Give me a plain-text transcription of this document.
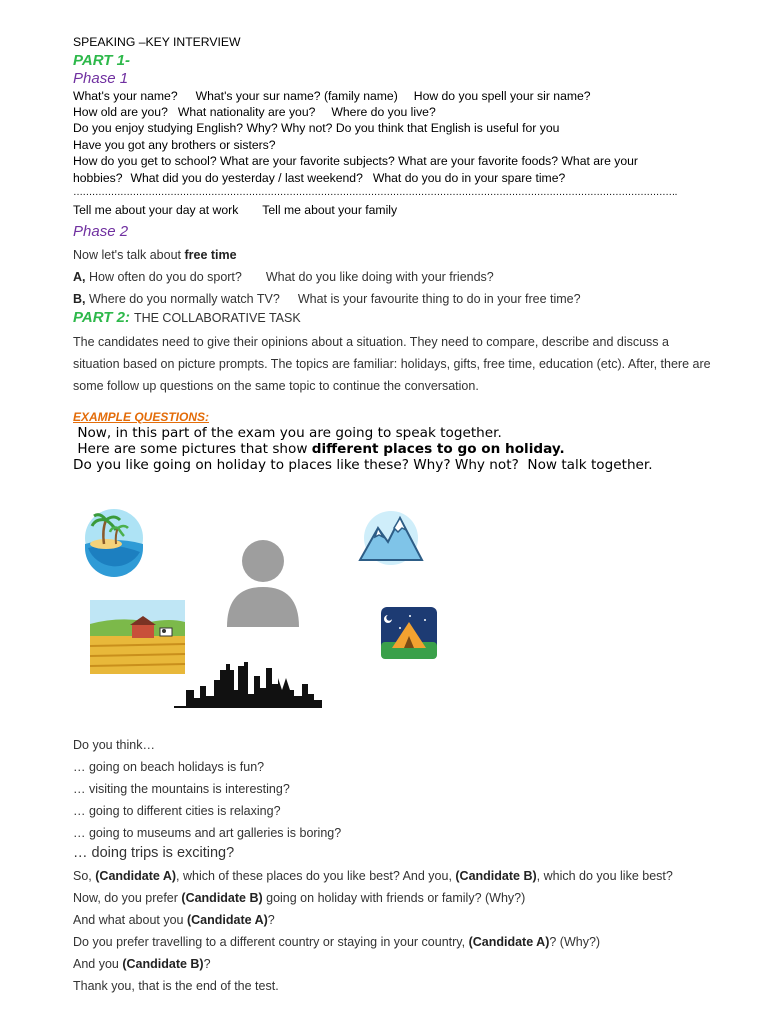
SPEAKING –KEY INTERVIEW
PART 1-
Phase 1
What's your name? What's your sur name? (family name) How do you spell your sir name?
How old are you? What nationality are you? Where do you live?
Do you enjoy studying English? Why? Why not? Do you think that English is useful for you
Have you got any brothers or sisters?
How do you get to school? What are your favorite subjects? What are your favorite foods? What are your
hobbies? What did you do yesterday / last weekend? What do you do in your spare time?
………………………………………………………………………………………………………………………………………………………………………….
Tell me about your day at work Tell me about your family
Phase 2
Now let's talk about free time
A, How often do you do sport? What do you like doing with your friends?
B, Where do you normally watch TV? What is your favourite thing to do in your free time?
PART 2: THE COLLABORATIVE TASK
The candidates need to give their opinions about a situation. They need to compare, describe and discuss a situation based on picture prompts. The topics are familiar: holidays, gifts, free time, education (etc). After, there are some follow up questions on the same topic to continue the conversation.
EXAMPLE QUESTIONS:
Now, in this part of the exam you are going to speak together.
Here are some pictures that show different places to go on holiday.
Do you like going on holiday to places like these? Why? Why not?  Now talk together.
Do you think…
… going on beach holidays is fun?
… visiting the mountains is interesting?
… going to different cities is relaxing?
… going to museums and art galleries is boring?
… doing trips is exciting?
So, (Candidate A), which of these places do you like best? And you, (Candidate B), which do you like best?
Now, do you prefer (Candidate B) going on holiday with friends or family? (Why?)
And what about you (Candidate A)?
Do you prefer travelling to a different country or staying in your country, (Candidate A)? (Why?)
And you (Candidate B)?
Thank you, that is the end of the test.
